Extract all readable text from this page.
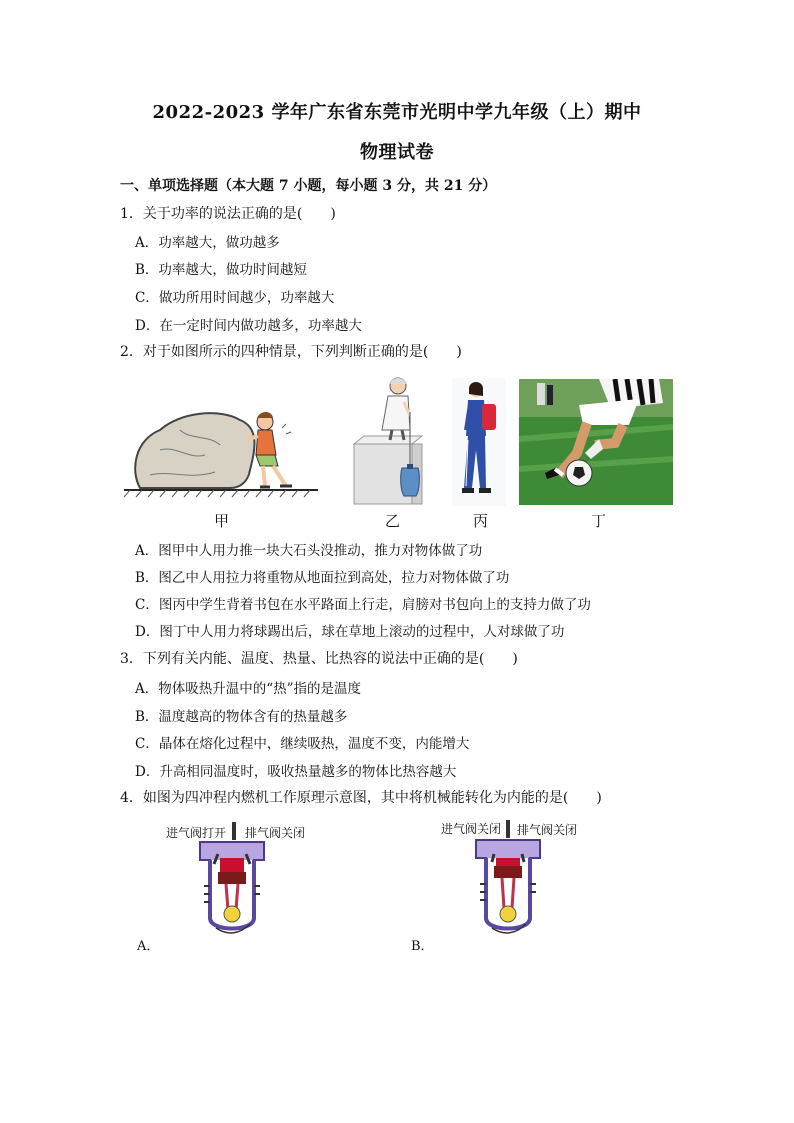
2022-2023 学年广东省东莞市光明中学九年级（上）期中
物理试卷
一、单项选择题（本大题 7 小题，每小题 3 分，共 21 分）
1．关于功率的说法正确的是(　　)
A．功率越大，做功越多
B．功率越大，做功时间越短
C．做功所用时间越少，功率越大
D．在一定时间内做功越多，功率越大
2．对于如图所示的四种情景，下列判断正确的是(　　)
甲	乙	丙	丁
A．图甲中人用力推一块大石头没推动，推力对物体做了功
B．图乙中人用拉力将重物从地面拉到高处，拉力对物体做了功
C．图丙中学生背着书包在水平路面上行走，肩膀对书包向上的支持力做了功
D．图丁中人用力将球踢出后，球在草地上滚动的过程中，人对球做了功
3．下列有关内能、温度、热量、比热容的说法中正确的是(　　)
A．物体吸热升温中的“热”指的是温度
B．温度越高的物体含有的热量越多
C．晶体在熔化过程中，继续吸热，温度不变，内能增大
D．升高相同温度时，吸收热量越多的物体比热容越大
4．如图为四冲程内燃机工作原理示意图，其中将机械能转化为内能的是(　　)
进气阀打开 排气阀关闭
A．
进气阀关闭 排气阀关闭
B．
